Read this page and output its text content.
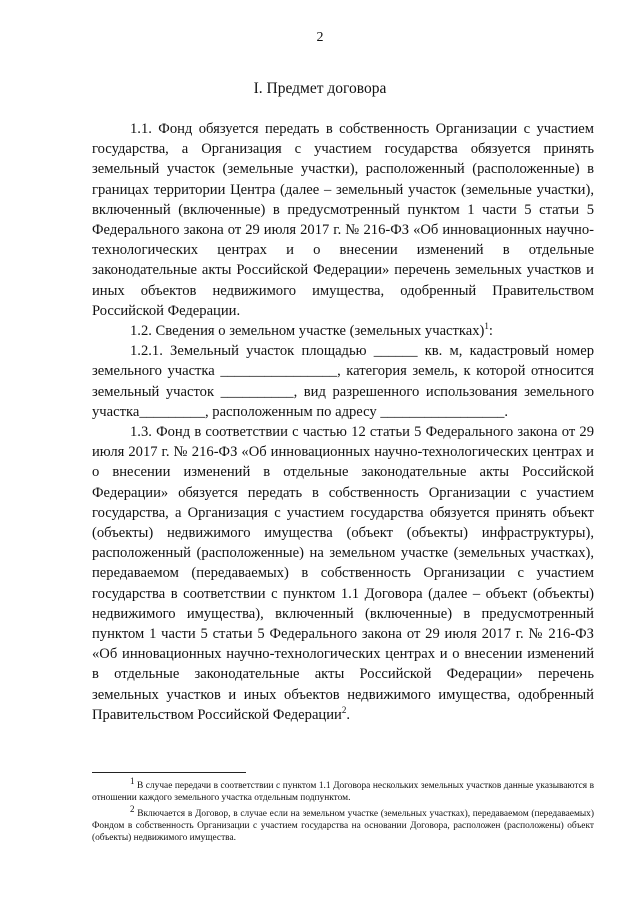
2
I. Предмет договора

1.1. Фонд обязуется передать в собственность Организации с участием государства, а Организация с участием государства обязуется принять земельный участок (земельные участки), расположенный (расположенные) в границах территории Центра (далее – земельный участок (земельные участки), включенный (включенные) в предусмотренный пунктом 1 части 5 статьи 5 Федерального закона от 29 июля 2017 г. № 216-ФЗ «Об инновационных научно-технологических центрах и о внесении изменений в отдельные законодательные акты Российской Федерации» перечень земельных участков и иных объектов недвижимого имущества, одобренный Правительством Российской Федерации.

1.2. Сведения о земельном участке (земельных участках)$^1$:

1.2.1. Земельный участок площадью ______ кв. м, кадастровый номер земельного участка ________________, категория земель, к которой относится земельный участок __________, вид разрешенного использования земельного участка_________, расположенным по адресу _________________.

1.3. Фонд в соответствии с частью 12 статьи 5 Федерального закона от 29 июля 2017 г. № 216-ФЗ «Об инновационных научно-технологических центрах и о внесении изменений в отдельные законодательные акты Российской Федерации» обязуется передать в собственность Организации с участием государства, а Организация с участием государства обязуется принять объект (объекты) недвижимого имущества (объект (объекты) инфраструктуры), расположенный (расположенные) на земельном участке (земельных участках), передаваемом (передаваемых) в собственность Организации с участием государства в соответствии с пунктом 1.1 Договора (далее – объект (объекты) недвижимого имущества), включенный (включенные) в предусмотренный пунктом 1 части 5 статьи 5 Федерального закона от 29 июля 2017 г. № 216-ФЗ «Об инновационных научно-технологических центрах и о внесении изменений в отдельные законодательные акты Российской Федерации» перечень земельных участков и иных объектов недвижимого имущества, одобренный Правительством Российской Федерации$^2$.

$^1$ В случае передачи в соответствии с пунктом 1.1 Договора нескольких земельных участков данные указываются в отношении каждого земельного участка отдельным подпунктом.

$^2$ Включается в Договор, в случае если на земельном участке (земельных участках), передаваемом (передаваемых) Фондом в собственность Организации с участием государства на основании Договора, расположен (расположены) объект (объекты) недвижимого имущества.
